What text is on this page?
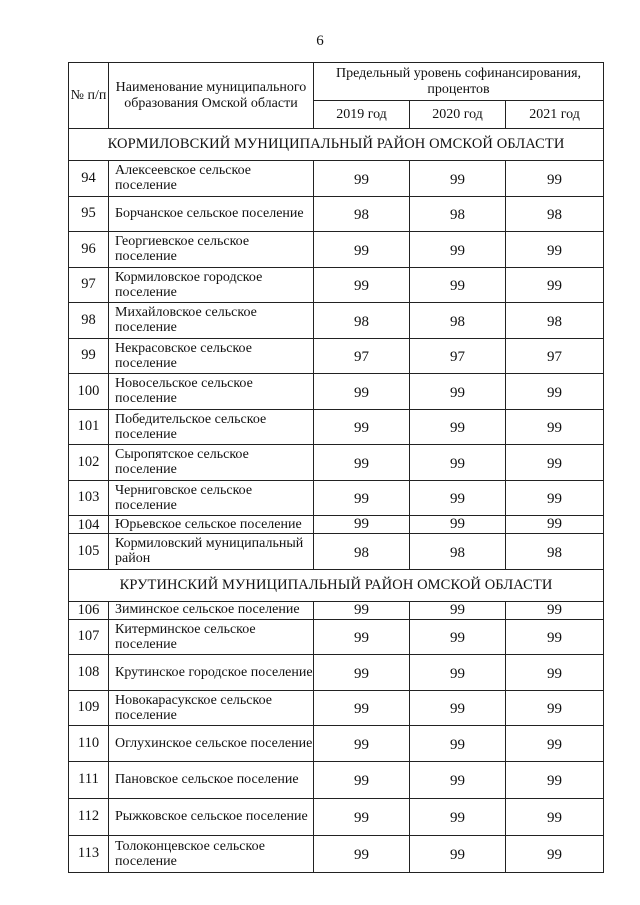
6
№ п/п	Наименование муниципального образования Омской области	Предельный уровень софинансирования, процентов		
		2019 год	2020 год	2021 год
КОРМИЛОВСКИЙ МУНИЦИПАЛЬНЫЙ РАЙОН ОМСКОЙ ОБЛАСТИ				
94	Алексеевское сельское поселение	99	99	99
95	Борчанское сельское поселение	98	98	98
96	Георгиевское сельское поселение	99	99	99
97	Кормиловское городское поселение	99	99	99
98	Михайловское сельское поселение	98	98	98
99	Некрасовское сельское поселение	97	97	97
100	Новосельское сельское поселение	99	99	99
101	Победительское сельское поселение	99	99	99
102	Сыропятское сельское поселение	99	99	99
103	Черниговское сельское поселение	99	99	99
104	Юрьевское сельское поселение	99	99	99
105	Кормиловский муниципальный район	98	98	98
КРУТИНСКИЙ МУНИЦИПАЛЬНЫЙ РАЙОН ОМСКОЙ ОБЛАСТИ				
106	Зиминское сельское поселение	99	99	99
107	Китерминское сельское поселение	99	99	99
108	Крутинское городское поселение	99	99	99
109	Новокарасукское сельское поселение	99	99	99
110	Оглухинское сельское поселение	99	99	99
111	Пановское сельское поселение	99	99	99
112	Рыжковское сельское поселение	99	99	99
113	Толоконцевское сельское поселение	99	99	99
